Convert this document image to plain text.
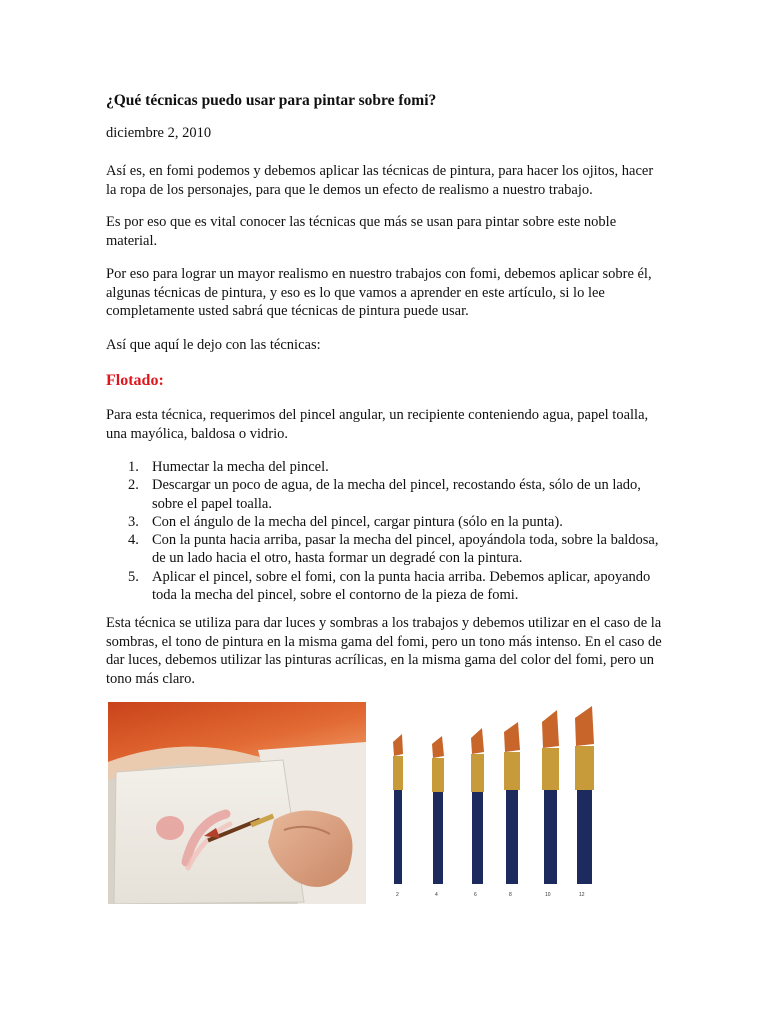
¿Qué técnicas puedo usar para pintar sobre fomi?

diciembre 2, 2010

Así es, en fomi podemos y debemos aplicar las técnicas de pintura, para hacer los ojitos, hacer la ropa de los personajes, para que le demos un efecto de realismo a nuestro trabajo.

Es por eso que es vital conocer las técnicas que más se usan para pintar sobre este noble material.

Por eso para lograr un mayor realismo en nuestro trabajos con fomi, debemos aplicar sobre él, algunas técnicas de pintura, y eso es lo que vamos a aprender en este artículo, si lo lee completamente usted sabrá que técnicas de pintura puede usar.

Así que aquí le dejo con las técnicas:

Flotado:

Para esta técnica, requerimos del pincel angular, un recipiente conteniendo agua, papel toalla, una mayólica, baldosa o vidrio.

1. Humectar la mecha del pincel.
2. Descargar un poco de agua, de la mecha del pincel, recostando ésta, sólo de un lado, sobre el papel toalla.
3. Con el ángulo de la mecha del pincel, cargar pintura (sólo en la punta).
4. Con la punta hacia arriba, pasar la mecha del pincel, apoyándola toda, sobre la baldosa, de un lado hacia el otro, hasta formar un degradé con la pintura.
5. Aplicar el pincel, sobre el fomi, con la punta hacia arriba. Debemos aplicar, apoyando toda la mecha del pincel, sobre el contorno de la pieza de fomi.

Esta técnica se utiliza para dar luces y sombras a los trabajos y debemos utilizar en el caso de la sombras, el tono de pintura en la misma gama del fomi, pero un tono más intenso. En el caso de dar luces, debemos utilizar las pinturas acrílicas, en la misma gama del color del fomi, pero un tono más claro.

2	4	6	8	10	12
